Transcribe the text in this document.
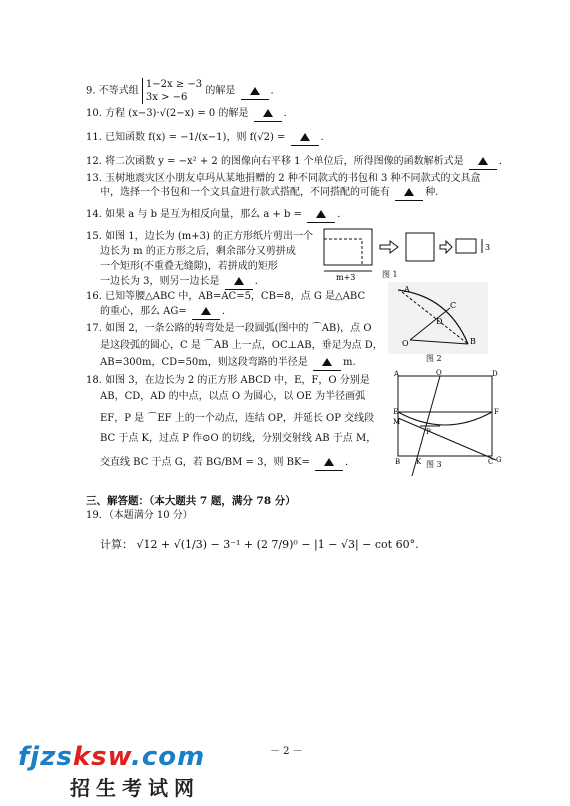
9. 不等式组
1−2x ≥ −3
3x > −6
的解是	．
10. 方程 (x−3)·√(2−x) = 0 的解是	．
11. 已知函数 f(x) = −1/(x−1)，则 f(√2) =	．
12. 将二次函数 y = −x² + 2 的图像向右平移 1 个单位后，所得图像的函数解析式是	．
13. 玉树地震灾区小朋友卓玛从某地捐赠的 2 种不同款式的书包和 3 种不同款式的文具盒
中，选择一个书包和一个文具盒进行款式搭配，不同搭配的可能有	种.
14. 如果 a 与 b 是互为相反向量，那么 a + b =	．
15. 如图 1，边长为 (m+3) 的正方形纸片剪出一个
边长为 m 的正方形之后，剩余部分又剪拼成
一个矩形(不重叠无缝隙)，若拼成的矩形
一边长为 3，则另一边长是	．
16. 已知等腰△ABC 中，AB=AC=5，CB=8，点 G 是△ABC
的重心，那么 AG=	．
17. 如图 2，一条公路的转弯处是一段圆弧(图中的 ⌒AB)，点 O
是这段弧的圆心，C 是 ⌒AB 上一点，OC⊥AB，垂足为点 D，
AB=300m，CD=50m，则这段弯路的半径是	m.
18. 如图 3，在边长为 2 的正方形 ABCD 中，E，F，O 分别是
AB，CD，AD 的中点，以点 O 为圆心，以 OE 为半径画弧
EF，P 是 ⌒EF 上的一个动点，连结 OP，并延长 OP 交线段
BC 于点 K，过点 P 作⊙O 的切线，分别交射线 AB 于点 M，
交直线 BC 于点 G，若 BG/BM = 3，则 BK=	．
三、解答题：（本大题共 7 题，满分 78 分）
19．（本题满分 10 分）
计算： √12 + √(1/3) − 3⁻¹ + (2 7/9)⁰ − |1 − √3| − cot 60°.
m+3
3
图 1
A
B
C
D
O
图 2
A	O	D
E	F
M
P
B K	C G
图 3
－ 2 －
fjzsksw.com
招生考试网
